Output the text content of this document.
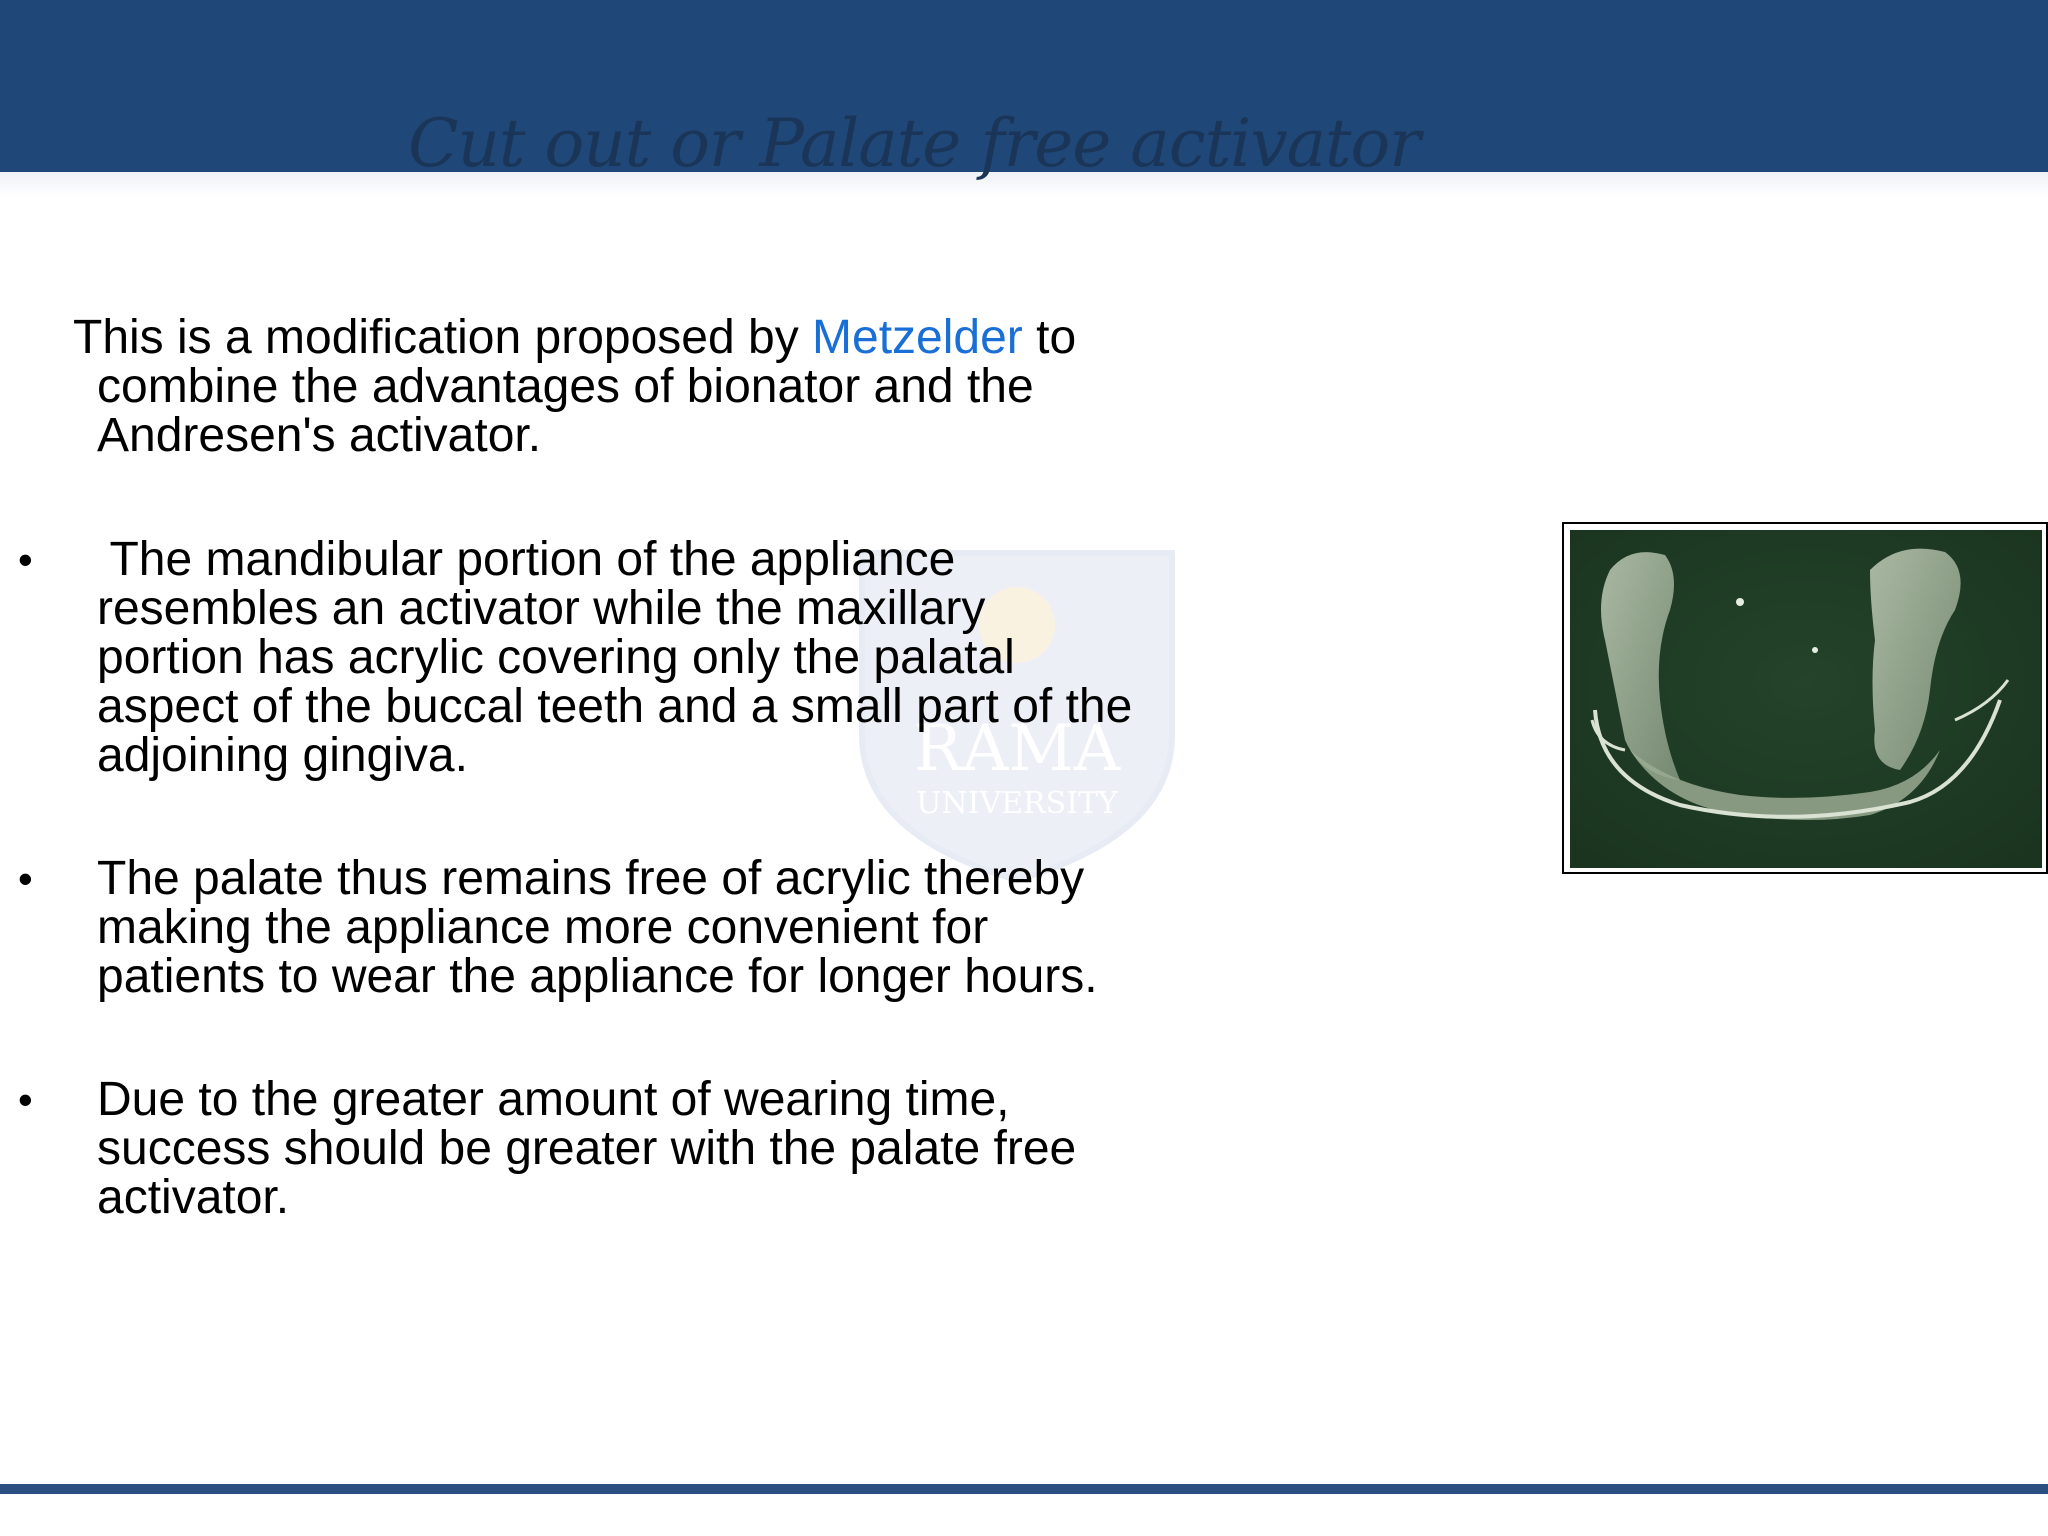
Cut out or Palate free activator
RAMA
UNIVERSITY
This is a modification proposed by Metzelder to
combine the advantages of bionator and the
Andresen's activator.
• The mandibular portion of the appliance
resembles an activator while the maxillary
portion has acrylic covering only the palatal
aspect of the buccal teeth and a small part of the
adjoining gingiva.
• The palate thus remains free of acrylic thereby
making the appliance more convenient for
patients to wear the appliance for longer hours.
• Due to the greater amount of wearing time,
success should be greater with the palate free
activator.
